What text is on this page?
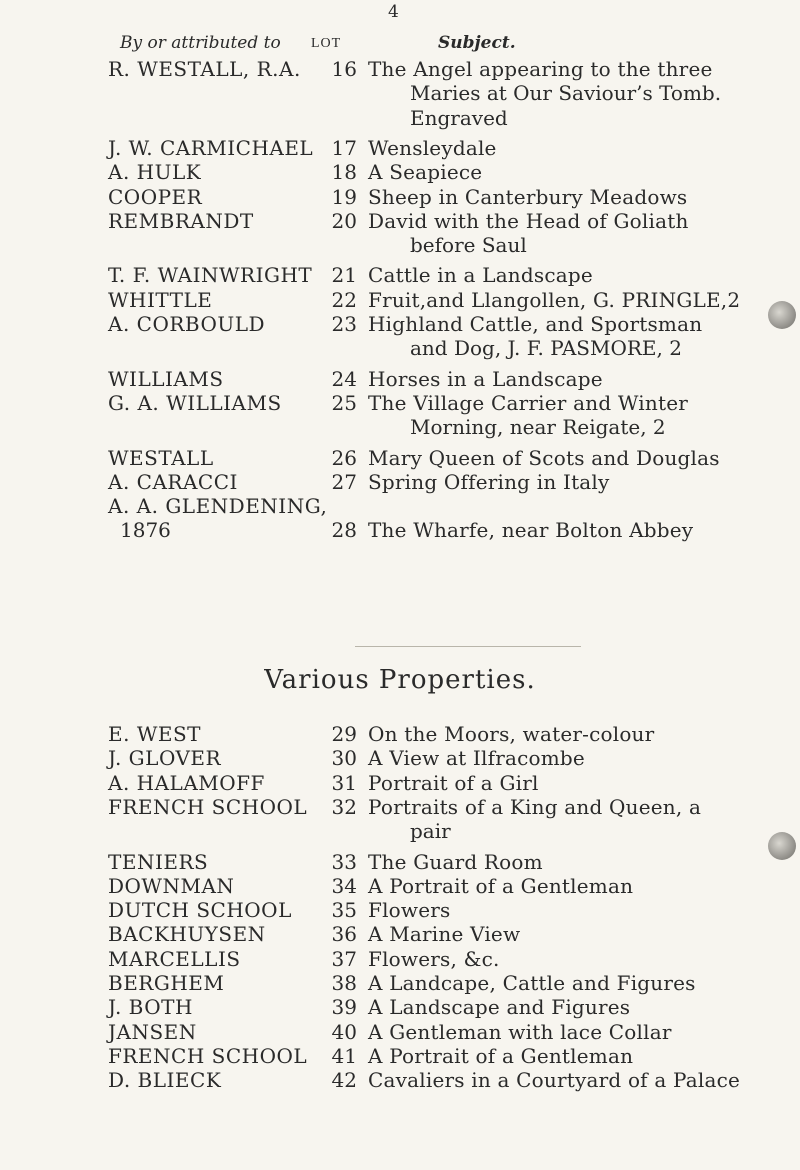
4
By or attributed to LOT	Subject.
R. WESTALL, R.A.	16 The Angel appearing to the three
Maries at Our Saviour’s Tomb.
Engraved
J. W. CARMICHAEL 17 Wensleydale
A. HULK	18 A Seapiece
COOPER	19 Sheep in Canterbury Meadows
REMBRANDT	20 David with the Head of Goliath
before Saul
T. F. WAINWRIGHT 21 Cattle in a Landscape
WHITTLE	22 Fruit,and Llangollen, G. PRINGLE,2
A. CORBOULD	23 Highland Cattle, and Sportsman
and Dog, J. F. PASMORE, 2
WILLIAMS	24 Horses in a Landscape
G. A. WILLIAMS	25 The Village Carrier and Winter
Morning, near Reigate, 2
WESTALL	26 Mary Queen of Scots and Douglas
A. CARACCI	27 Spring Offering in Italy
A. A. GLENDENING,
1876	28 The Wharfe, near Bolton Abbey
Various Properties.
E. WEST	29 On the Moors, water-colour
J. GLOVER	30 A View at Ilfracombe
A. HALAMOFF	31 Portrait of a Girl
FRENCH SCHOOL	32 Portraits of a King and Queen, a
pair
TENIERS	33 The Guard Room
DOWNMAN	34 A Portrait of a Gentleman
DUTCH SCHOOL	35 Flowers
BACKHUYSEN	36 A Marine View
MARCELLIS	37 Flowers, &c.
BERGHEM	38 A Landcape, Cattle and Figures
J. BOTH	39 A Landscape and Figures
JANSEN	40 A Gentleman with lace Collar
FRENCH SCHOOL	41 A Portrait of a Gentleman
D. BLIECK	42 Cavaliers in a Courtyard of a Palace
